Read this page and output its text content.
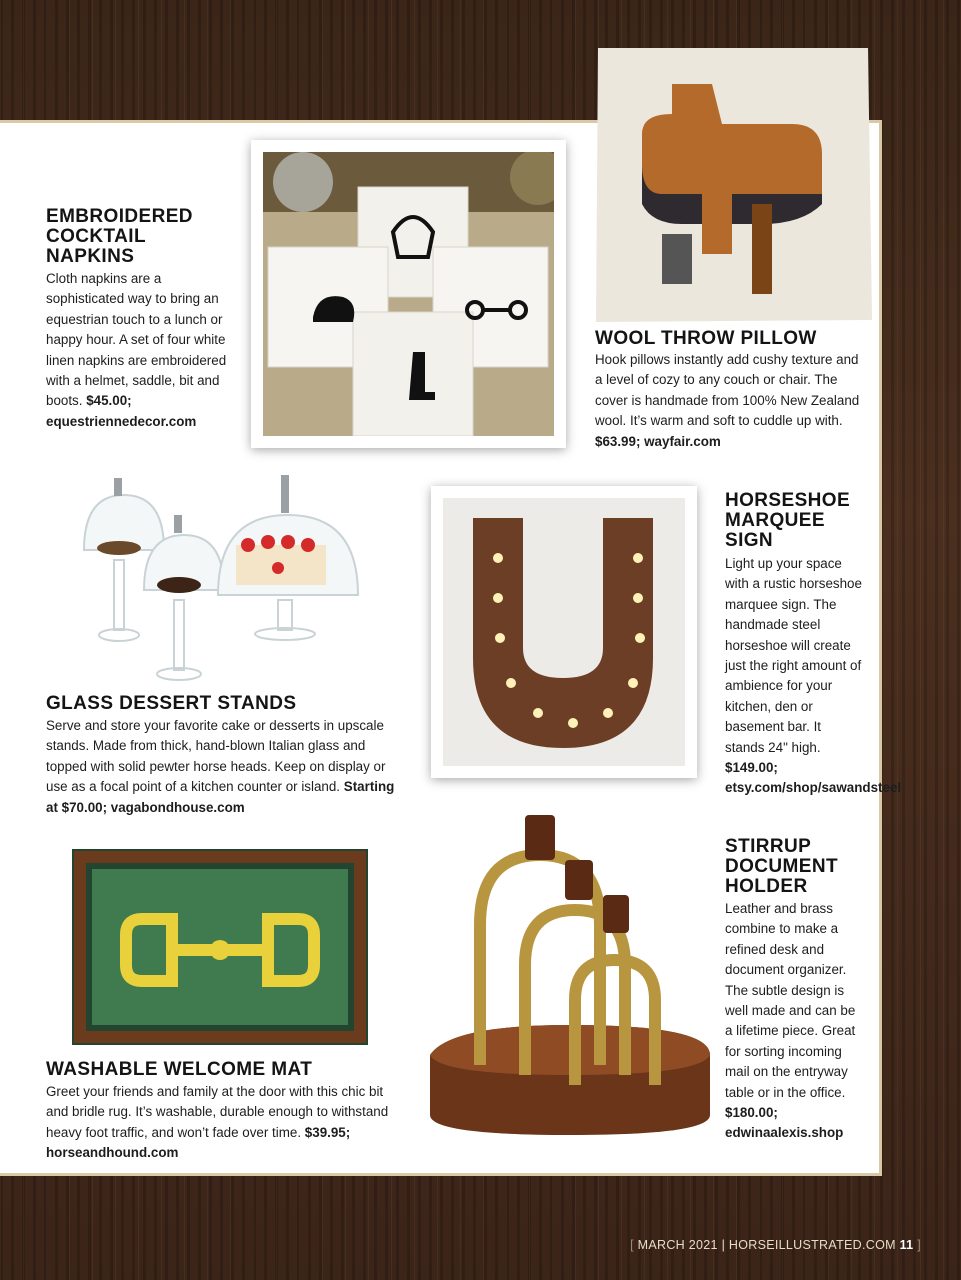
EMBROIDERED COCKTAIL NAPKINS

Cloth napkins are a sophisticated way to bring an equestrian touch to a lunch or happy hour. A set of four white linen napkins are embroidered with a helmet, saddle, bit and boots. $45.00; equestriennedecor.com

WOOL THROW PILLOW

Hook pillows instantly add cushy texture and a level of cozy to any couch or chair. The cover is handmade from 100% New Zealand wool. It’s warm and soft to cuddle up with. $63.99; wayfair.com

GLASS DESSERT STANDS

Serve and store your favorite cake or desserts in upscale stands. Made from thick, hand-blown Italian glass and topped with solid pewter horse heads. Keep on display or use as a focal point of a kitchen counter or island. Starting at $70.00; vagabondhouse.com

HORSESHOE MARQUEE SIGN

Light up your space with a rustic horseshoe marquee sign. The handmade steel horseshoe will create just the right amount of ambience for your kitchen, den or basement bar. It stands 24" high. $149.00; etsy.com/shop/sawandsteel

WASHABLE WELCOME MAT

Greet your friends and family at the door with this chic bit and bridle rug. It’s washable, durable enough to withstand heavy foot traffic, and won’t fade over time. $39.95; horseandhound.com

STIRRUP DOCUMENT HOLDER

Leather and brass combine to make a refined desk and document organizer. The subtle design is well made and can be a lifetime piece. Great for sorting incoming mail on the entryway table or in the office. $180.00; edwinaalexis.shop

[ MARCH 2021 | HORSEILLUSTRATED.COM 11 ]
